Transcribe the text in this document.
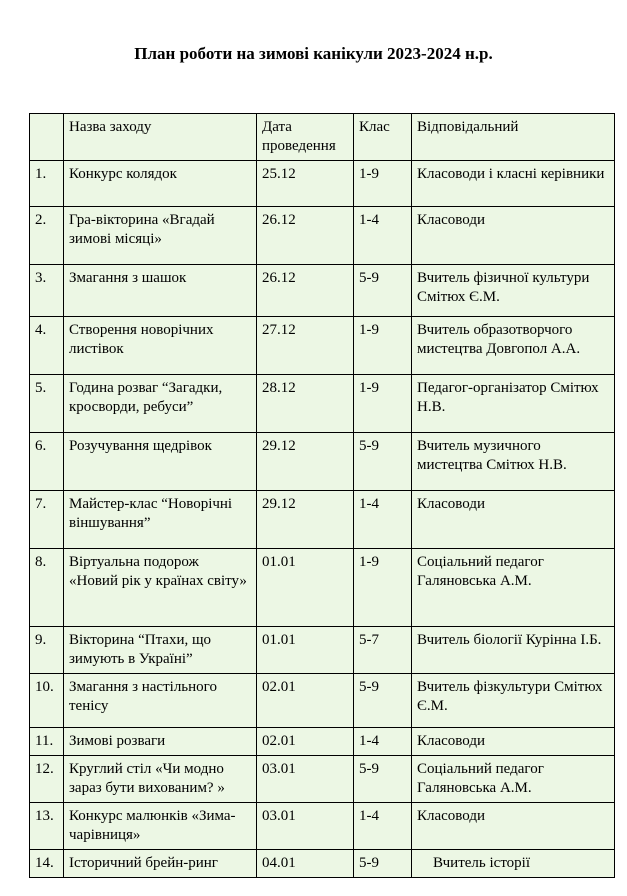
План роботи на зимові канікули 2023-2024 н.р.
	Назва заходу	Дата проведення	Клас	Відповідальний
1.	Конкурс колядок	25.12	1-9	Класоводи і класні керівники
2.	Гра-вікторина «Вгадай зимові місяці»	26.12	1-4	Класоводи
3.	Змагання з шашок	26.12	5-9	Вчитель фізичної культури Смітюх Є.М.
4.	Створення новорічних листівок	27.12	1-9	Вчитель образотворчого мистецтва Довгопол А.А.
5.	Година розваг “Загадки, кросворди, ребуси”	28.12	1-9	Педагог-організатор Смітюх Н.В.
6.	Розучування щедрівок	29.12	5-9	Вчитель музичного мистецтва Смітюх Н.В.
7.	Майстер-клас “Новорічні віншування”	29.12	1-4	Класоводи
8.	Віртуальна подорож «Новий рік у країнах світу»	01.01	1-9	Соціальний педагог Галяновська А.М.
9.	Вікторина “Птахи, що зимують в Україні”	01.01	5-7	Вчитель біології Курінна І.Б.
10.	Змагання з настільного тенісу	02.01	5-9	Вчитель фізкультури Смітюх Є.М.
11.	Зимові розваги	02.01	1-4	Класоводи
12.	Круглий стіл «Чи модно зараз бути вихованим? »	03.01	5-9	Соціальний педагог Галяновська А.М.
13.	Конкурс малюнків «Зима-чарівниця»	03.01	1-4	Класоводи
14.	Історичний брейн-ринг	04.01	5-9	Вчитель історії
